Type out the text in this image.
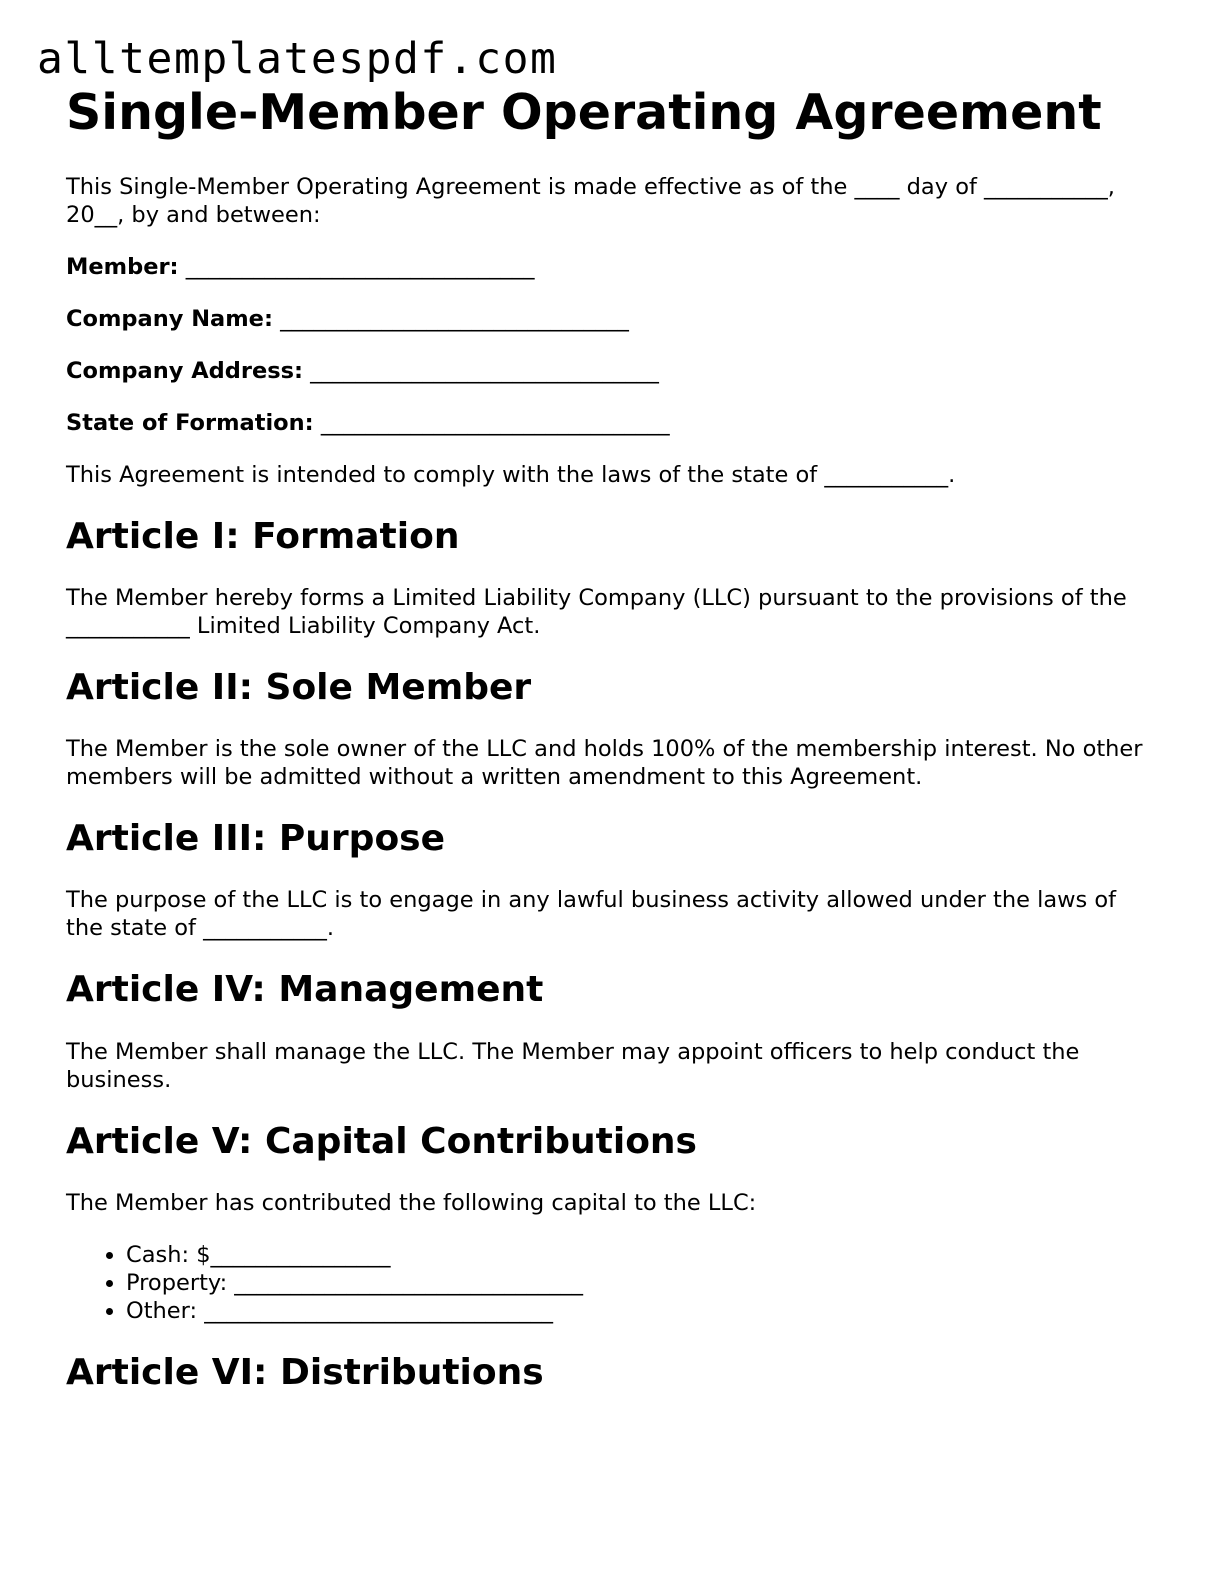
alltemplatespdf.com
Single-Member Operating Agreement

This Single-Member Operating Agreement is made effective as of the ____ day of ___________, 20__, by and between:

Member: _______________________________

Company Name: _______________________________

Company Address: _______________________________

State of Formation: _______________________________

This Agreement is intended to comply with the laws of the state of ___________.

Article I: Formation

The Member hereby forms a Limited Liability Company (LLC) pursuant to the provisions of the ___________ Limited Liability Company Act.

Article II: Sole Member

The Member is the sole owner of the LLC and holds 100% of the membership interest. No other members will be admitted without a written amendment to this Agreement.

Article III: Purpose

The purpose of the LLC is to engage in any lawful business activity allowed under the laws of the state of ___________.

Article IV: Management

The Member shall manage the LLC. The Member may appoint officers to help conduct the business.

Article V: Capital Contributions

The Member has contributed the following capital to the LLC:

• Cash: $________________
• Property: _______________________________
• Other: _______________________________
Article VI: Distributions
